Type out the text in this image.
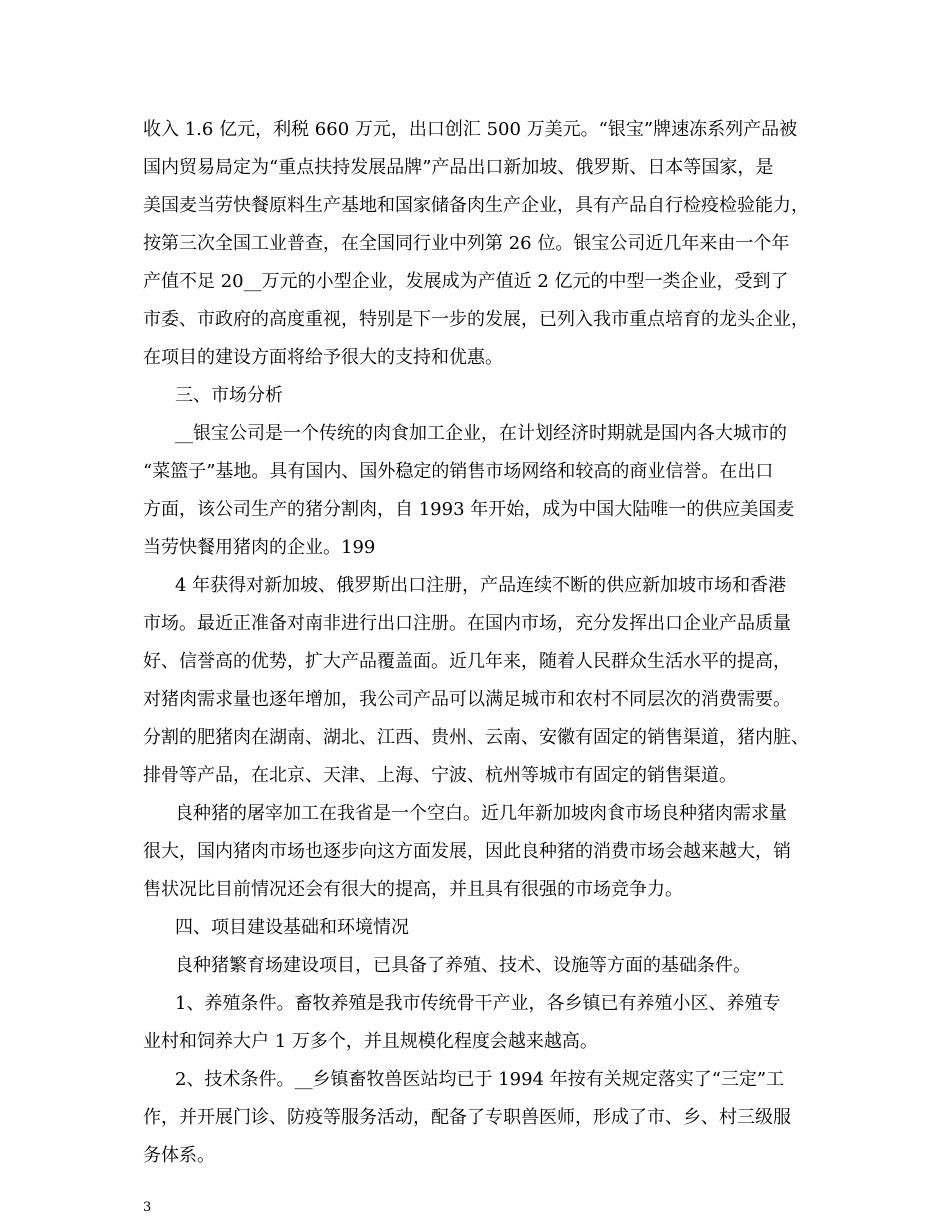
收入 1.6 亿元，利税 660 万元，出口创汇 500 万美元。“银宝”牌速冻系列产品被
国内贸易局定为“重点扶持发展品牌”产品出口新加坡、俄罗斯、日本等国家，是
美国麦当劳快餐原料生产基地和国家储备肉生产企业，具有产品自行检疫检验能力，
按第三次全国工业普查，在全国同行业中列第 26 位。银宝公司近几年来由一个年
产值不足 20__万元的小型企业，发展成为产值近 2 亿元的中型一类企业，受到了
市委、市政府的高度重视，特别是下一步的发展，已列入我市重点培育的龙头企业，
在项目的建设方面将给予很大的支持和优惠。
三、市场分析
__银宝公司是一个传统的肉食加工企业，在计划经济时期就是国内各大城市的
“菜篮子”基地。具有国内、国外稳定的销售市场网络和较高的商业信誉。在出口
方面，该公司生产的猪分割肉，自 1993 年开始，成为中国大陆唯一的供应美国麦
当劳快餐用猪肉的企业。199
4 年获得对新加坡、俄罗斯出口注册，产品连续不断的供应新加坡市场和香港
市场。最近正准备对南非进行出口注册。在国内市场，充分发挥出口企业产品质量
好、信誉高的优势，扩大产品覆盖面。近几年来，随着人民群众生活水平的提高，
对猪肉需求量也逐年增加，我公司产品可以满足城市和农村不同层次的消费需要。
分割的肥猪肉在湖南、湖北、江西、贵州、云南、安徽有固定的销售渠道，猪内脏、
排骨等产品，在北京、天津、上海、宁波、杭州等城市有固定的销售渠道。
良种猪的屠宰加工在我省是一个空白。近几年新加坡肉食市场良种猪肉需求量
很大，国内猪肉市场也逐步向这方面发展，因此良种猪的消费市场会越来越大，销
售状况比目前情况还会有很大的提高，并且具有很强的市场竞争力。
四、项目建设基础和环境情况
良种猪繁育场建设项目，已具备了养殖、技术、设施等方面的基础条件。
1、养殖条件。畜牧养殖是我市传统骨干产业，各乡镇已有养殖小区、养殖专
业村和饲养大户 1 万多个，并且规模化程度会越来越高。
2、技术条件。__乡镇畜牧兽医站均已于 1994 年按有关规定落实了“三定”工
作，并开展门诊、防疫等服务活动，配备了专职兽医师，形成了市、乡、村三级服
务体系。
3
